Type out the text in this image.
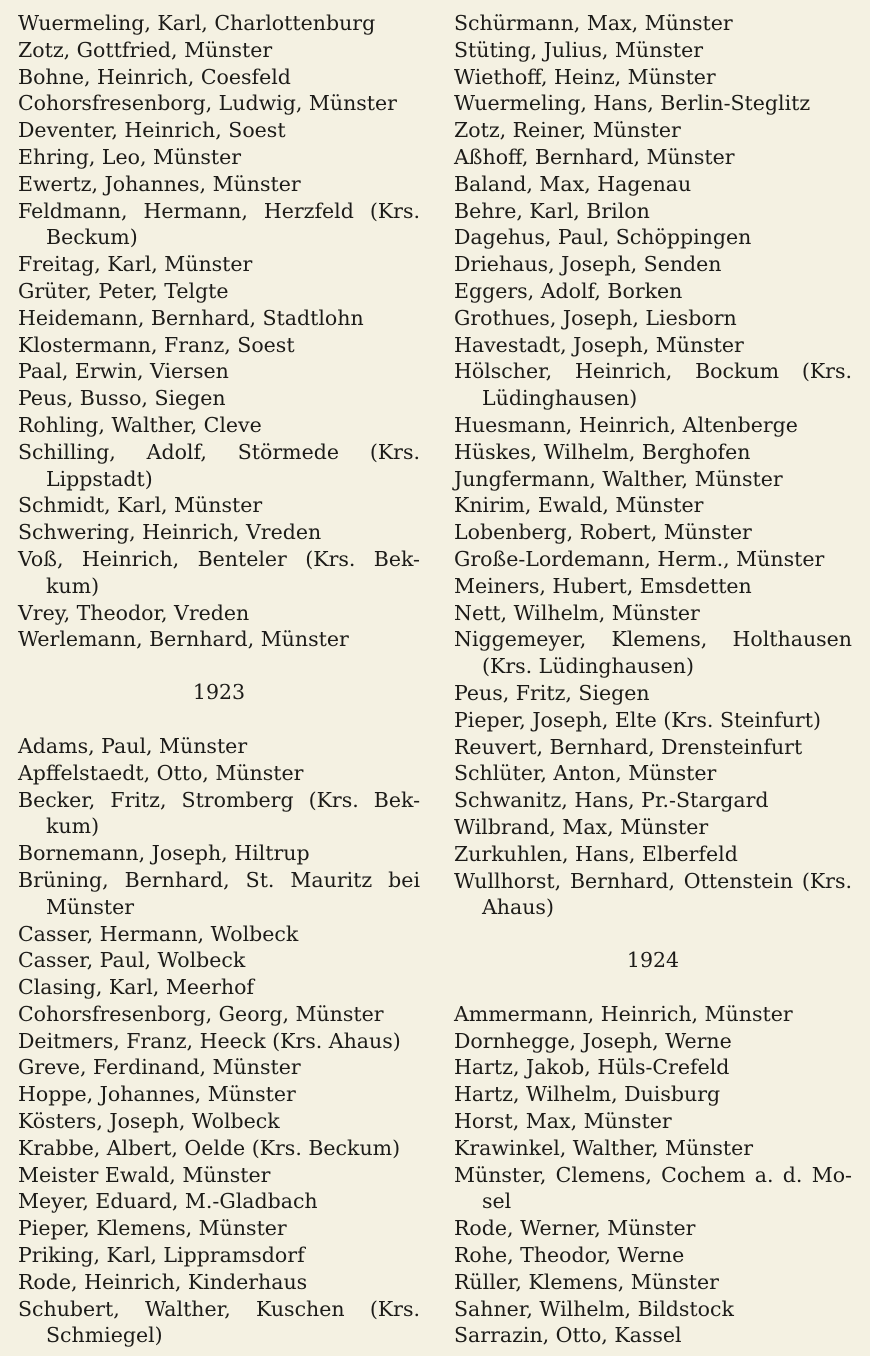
Wuermeling, Karl, Charlottenburg

Zotz, Gottfried, Münster

Bohne, Heinrich, Coesfeld

Cohorsfresenborg, Ludwig, Münster

Deventer, Heinrich, Soest

Ehring, Leo, Münster

Ewertz, Johannes, Münster

Feldmann, Hermann, Herzfeld (Krs. Beckum)

Freitag, Karl, Münster

Grüter, Peter, Telgte

Heidemann, Bernhard, Stadtlohn

Klostermann, Franz, Soest

Paal, Erwin, Viersen

Peus, Busso, Siegen

Rohling, Walther, Cleve

Schilling, Adolf, Störmede (Krs. Lippstadt)

Schmidt, Karl, Münster

Schwering, Heinrich, Vreden

Voß, Heinrich, Benteler (Krs. Bek-kum)

Vrey, Theodor, Vreden

Werlemann, Bernhard, Münster

1923

Adams, Paul, Münster

Apffelstaedt, Otto, Münster

Becker, Fritz, Stromberg (Krs. Bek-kum)

Bornemann, Joseph, Hiltrup

Brüning, Bernhard, St. Mauritz bei Münster

Casser, Hermann, Wolbeck

Casser, Paul, Wolbeck

Clasing, Karl, Meerhof

Cohorsfresenborg, Georg, Münster

Deitmers, Franz, Heeck (Krs. Ahaus)

Greve, Ferdinand, Münster

Hoppe, Johannes, Münster

Kösters, Joseph, Wolbeck

Krabbe, Albert, Oelde (Krs. Beckum)

Meister Ewald, Münster

Meyer, Eduard, M.-Gladbach

Pieper, Klemens, Münster

Priking, Karl, Lippramsdorf

Rode, Heinrich, Kinderhaus

Schubert, Walther, Kuschen (Krs. Schmiegel)

Schürmann, Max, Münster

Stüting, Julius, Münster

Wiethoff, Heinz, Münster

Wuermeling, Hans, Berlin-Steglitz

Zotz, Reiner, Münster

Aßhoff, Bernhard, Münster

Baland, Max, Hagenau

Behre, Karl, Brilon

Dagehus, Paul, Schöppingen

Driehaus, Joseph, Senden

Eggers, Adolf, Borken

Grothues, Joseph, Liesborn

Havestadt, Joseph, Münster

Hölscher, Heinrich, Bockum (Krs. Lüdinghausen)

Huesmann, Heinrich, Altenberge

Hüskes, Wilhelm, Berghofen

Jungfermann, Walther, Münster

Knirim, Ewald, Münster

Lobenberg, Robert, Münster

Große-Lordemann, Herm., Münster

Meiners, Hubert, Emsdetten

Nett, Wilhelm, Münster

Niggemeyer, Klemens, Holthausen (Krs. Lüdinghausen)

Peus, Fritz, Siegen

Pieper, Joseph, Elte (Krs. Steinfurt)

Reuvert, Bernhard, Drensteinfurt

Schlüter, Anton, Münster

Schwanitz, Hans, Pr.-Stargard

Wilbrand, Max, Münster

Zurkuhlen, Hans, Elberfeld

Wullhorst, Bernhard, Ottenstein (Krs. Ahaus)

1924

Ammermann, Heinrich, Münster

Dornhegge, Joseph, Werne

Hartz, Jakob, Hüls-Crefeld

Hartz, Wilhelm, Duisburg

Horst, Max, Münster

Krawinkel, Walther, Münster

Münster, Clemens, Cochem a. d. Mo-sel

Rode, Werner, Münster

Rohe, Theodor, Werne

Rüller, Klemens, Münster

Sahner, Wilhelm, Bildstock

Sarrazin, Otto, Kassel
